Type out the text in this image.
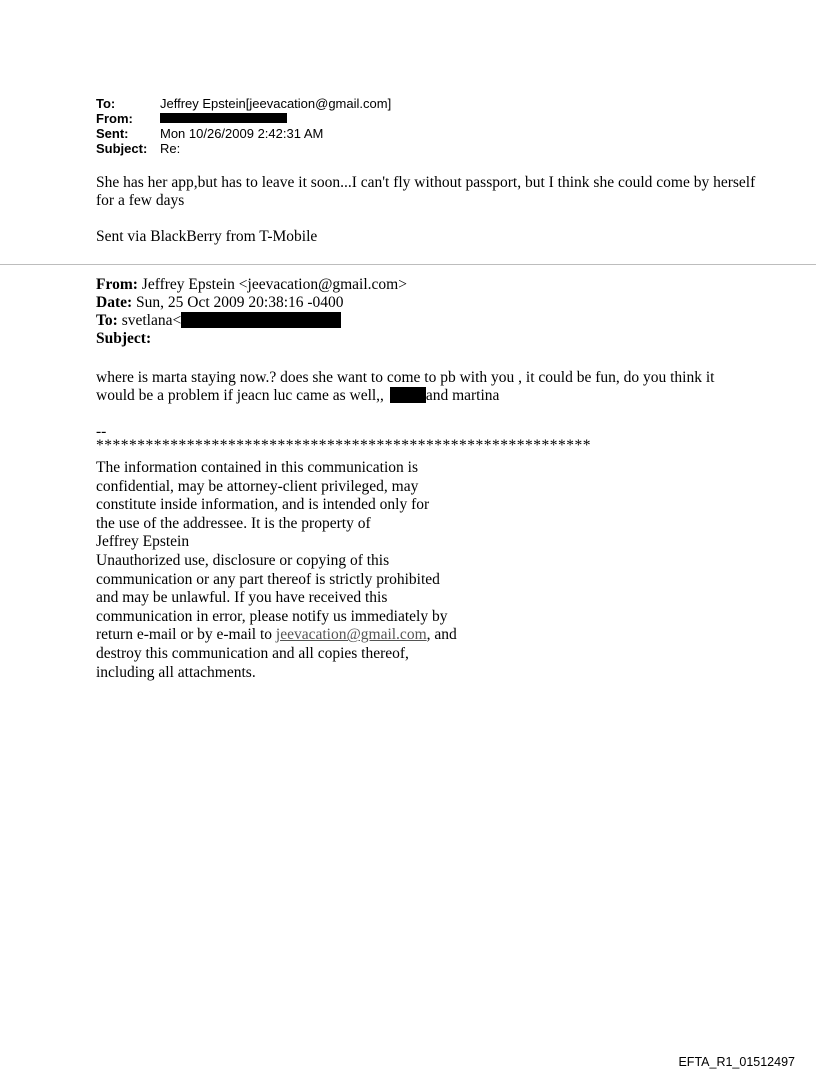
To:	Jeffrey Epstein[jeevacation@gmail.com]
From:
Sent:	Mon 10/26/2009 2:42:31 AM
Subject: Re:
She has her app,but has to leave it soon...I can't fly without passport, but I think she could come by herself for a few days
Sent via BlackBerry from T-Mobile
From: Jeffrey Epstein <jeevacation@gmail.com>
Date: Sun, 25 Oct 2009 20:38:16 -0400
To: svetlana<
Subject:
where is marta staying now.? does she want to come to pb with you , it could be fun, do you think it would be a problem if jeacn luc came as well,,	and martina
--
************************************************************
The information contained in this communication is
confidential, may be attorney-client privileged, may
constitute inside information, and is intended only for
the use of the addressee. It is the property of
Jeffrey Epstein
Unauthorized use, disclosure or copying of this
communication or any part thereof is strictly prohibited
and may be unlawful. If you have received this
communication in error, please notify us immediately by
return e-mail or by e-mail to jeevacation@gmail.com, and
destroy this communication and all copies thereof,
including all attachments.
EFTA_R1_01512497
